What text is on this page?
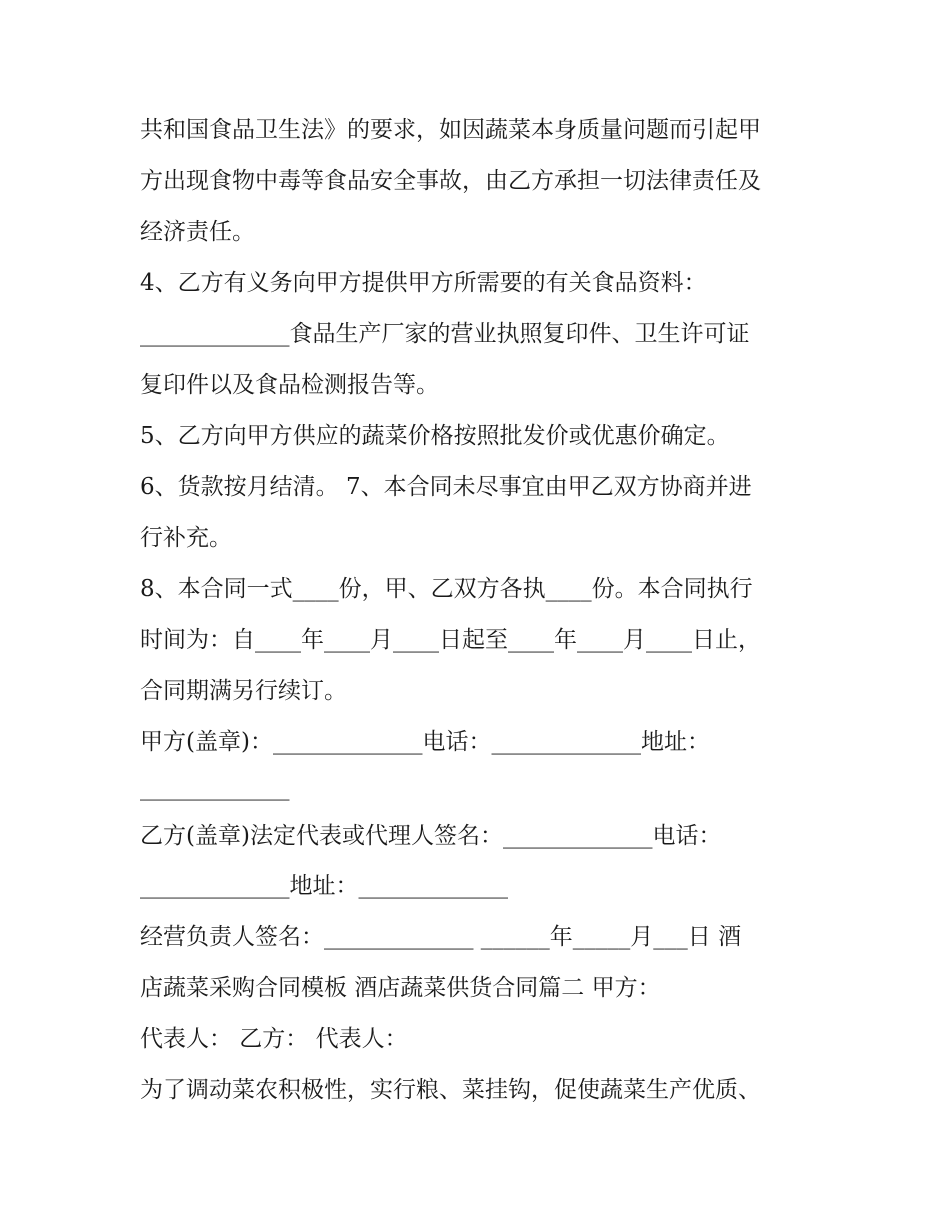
共和国食品卫生法》的要求，如因蔬菜本身质量问题而引起甲
方出现食物中毒等食品安全事故，由乙方承担一切法律责任及
经济责任。
4、乙方有义务向甲方提供甲方所需要的有关食品资料：
_____________食品生产厂家的营业执照复印件、卫生许可证
复印件以及食品检测报告等。
5、乙方向甲方供应的蔬菜价格按照批发价或优惠价确定。
6、货款按月结清。 7、本合同未尽事宜由甲乙双方协商并进
行补充。
8、本合同一式____份，甲、乙双方各执____份。本合同执行
时间为：自____年____月____日起至____年____月____日止，
合同期满另行续订。
甲方(盖章)：_____________电话：_____________地址：
_____________
乙方(盖章)法定代表或代理人签名：_____________电话：
_____________地址：_____________
经营负责人签名：_____________ ______年_____月___日 酒
店蔬菜采购合同模板 酒店蔬菜供货合同篇二 甲方：
代表人： 乙方： 代表人：
为了调动菜农积极性，实行粮、菜挂钩，促使蔬菜生产优质、
